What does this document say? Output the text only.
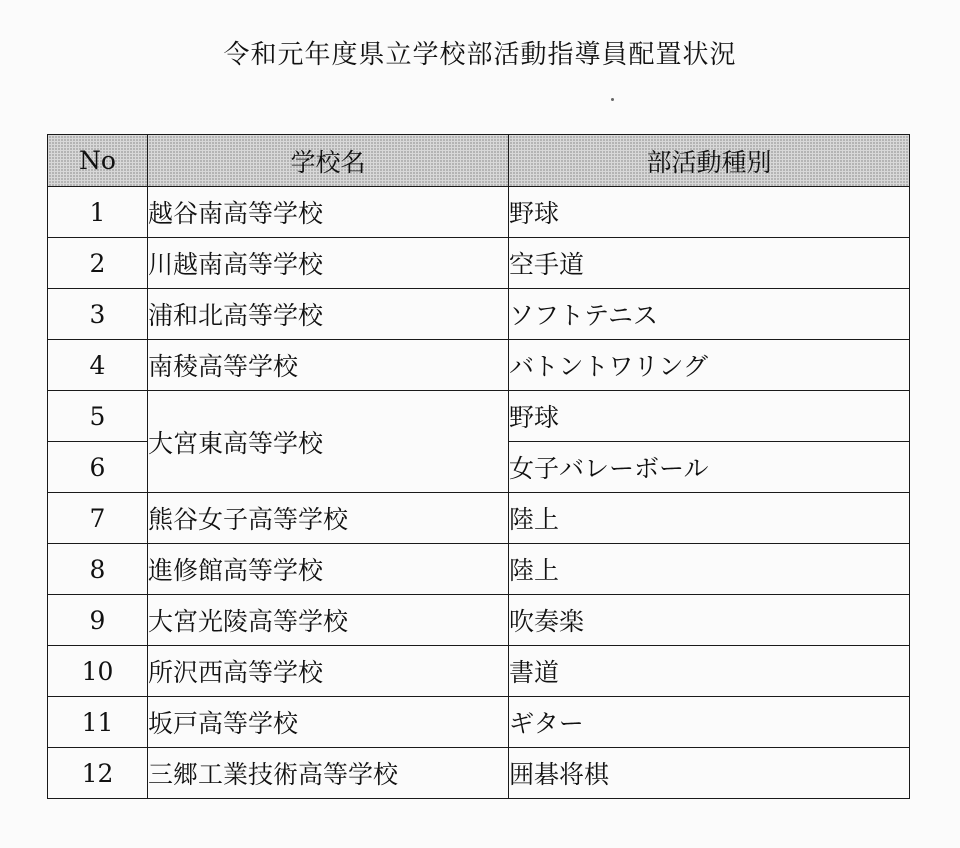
令和元年度県立学校部活動指導員配置状況
No	学校名	部活動種別
1	越谷南高等学校	野球
2	川越南高等学校	空手道
3	浦和北高等学校	ソフトテニス
4	南稜高等学校	バトントワリング
5	大宮東高等学校	野球
6		女子バレーボール
7	熊谷女子高等学校	陸上
8	進修館高等学校	陸上
9	大宮光陵高等学校	吹奏楽
10	所沢西高等学校	書道
11	坂戸高等学校	ギター
12	三郷工業技術高等学校	囲碁将棋
